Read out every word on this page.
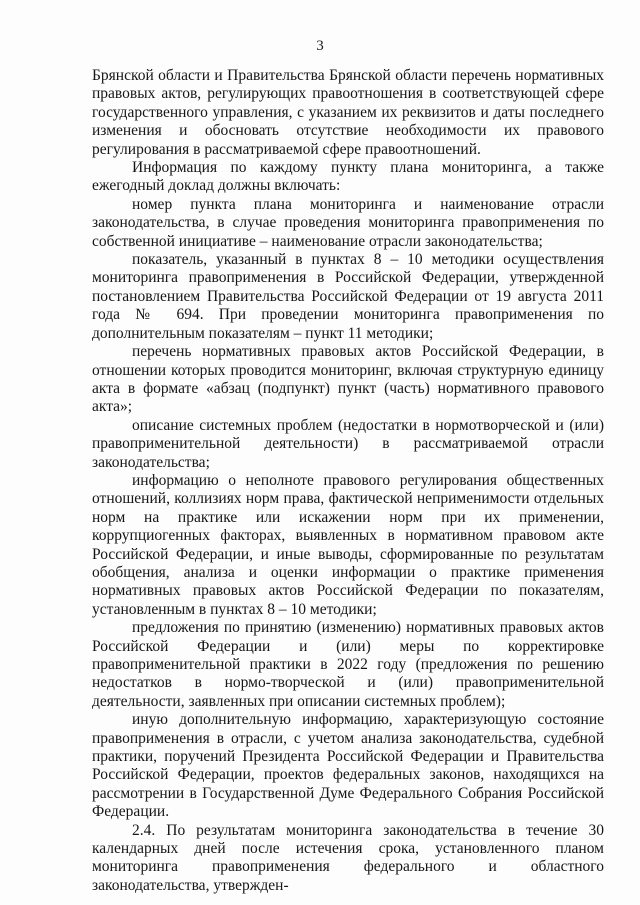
3

Брянской области и Правительства Брянской области перечень нормативных правовых актов, регулирующих правоотношения в соответствующей сфере государственного управления, с указанием их реквизитов и даты последнего изменения и обосновать отсутствие необходимости их правового регулирования в рассматриваемой сфере правоотношений.

Информация по каждому пункту плана мониторинга, а также ежегодный доклад должны включать:

номер пункта плана мониторинга и наименование отрасли законодательства, в случае проведения мониторинга правоприменения по собственной инициативе – наименование отрасли законодательства;

показатель, указанный в пунктах 8 – 10 методики осуществления мониторинга правоприменения в Российской Федерации, утвержденной постановлением Правительства Российской Федерации от 19 августа 2011 года № 694. При проведении мониторинга правоприменения по дополнительным показателям – пункт 11 методики;

перечень нормативных правовых актов Российской Федерации, в отношении которых проводится мониторинг, включая структурную единицу акта в формате «абзац (подпункт) пункт (часть) нормативного правового акта»;

описание системных проблем (недостатки в нормотворческой и (или) правоприменительной деятельности) в рассматриваемой отрасли законодательства;

информацию о неполноте правового регулирования общественных отношений, коллизиях норм права, фактической неприменимости отдельных норм на практике или искажении норм при их применении, коррупциогенных факторах, выявленных в нормативном правовом акте Российской Федерации, и иные выводы, сформированные по результатам обобщения, анализа и оценки информации о практике применения нормативных правовых актов Российской Федерации по показателям, установленным в пунктах 8 – 10 методики;

предложения по принятию (изменению) нормативных правовых актов Российской Федерации и (или) меры по корректировке правоприменительной практики в 2022 году (предложения по решению недостатков в нормо-творческой и (или) правоприменительной деятельности, заявленных при описании системных проблем);

иную дополнительную информацию, характеризующую состояние правоприменения в отрасли, с учетом анализа законодательства, судебной практики, поручений Президента Российской Федерации и Правительства Российской Федерации, проектов федеральных законов, находящихся на рассмотрении в Государственной Думе Федерального Собрания Российской Федерации.

2.4. По результатам мониторинга законодательства в течение 30 календарных дней после истечения срока, установленного планом мониторинга правоприменения федерального и областного законодательства, утвержден-
